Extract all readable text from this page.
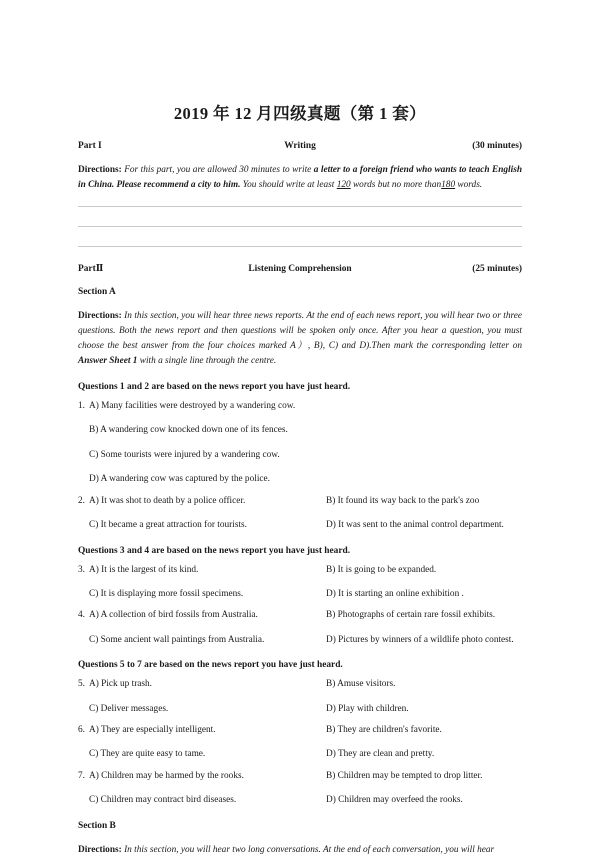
2019 年 12 月四级真题（第 1 套）
Part I	Writing	(30 minutes)

Directions: For this part, you are allowed 30 minutes to write a letter to a foreign friend who wants to teach English in China. Please recommend a city to him. You should write at least 120 words but no more than180 words.

PartⅡ	Listening Comprehension	(25 minutes)
Section A

Directions: In this section, you will hear three news reports. At the end of each news report, you will hear two or three questions. Both the news report and then questions will be spoken only once. After you hear a question, you must choose the best answer from the four choices marked A）, B), C) and D).Then mark the corresponding letter on Answer Sheet 1 with a single line through the centre.

Questions 1 and 2 are based on the news report you have just heard.
1. A) Many facilities were destroyed by a wandering cow.
B) A wandering cow knocked down one of its fences.
C) Some tourists were injured by a wandering cow.
D) A wandering cow was captured by the police.
2. A) It was shot to death by a police officer.	B) It found its way back to the park's zoo
C) It became a great attraction for tourists.	D) It was sent to the animal control department.
Questions 3 and 4 are based on the news report you have just heard.
3. A) It is the largest of its kind.	B) It is going to be expanded.
C) It is displaying more fossil specimens.	D) It is starting an online exhibition .
4. A) A collection of bird fossils from Australia.	B) Photographs of certain rare fossil exhibits.
C) Some ancient wall paintings from Australia.	D) Pictures by winners of a wildlife photo contest.
Questions 5 to 7 are based on the news report you have just heard.
5. A) Pick up trash.	B) Amuse visitors.
C) Deliver messages.	D) Play with children.
6. A) They are especially intelligent.	B) They are children's favorite.
C) They are quite easy to tame.	D) They are clean and pretty.
7. A) Children may be harmed by the rooks.	B) Children may be tempted to drop litter.
C) Children may contract bird diseases.	D) Children may overfeed the rooks.
Section B

Directions: In this section, you will hear two long conversations. At the end of each conversation, you will hear
